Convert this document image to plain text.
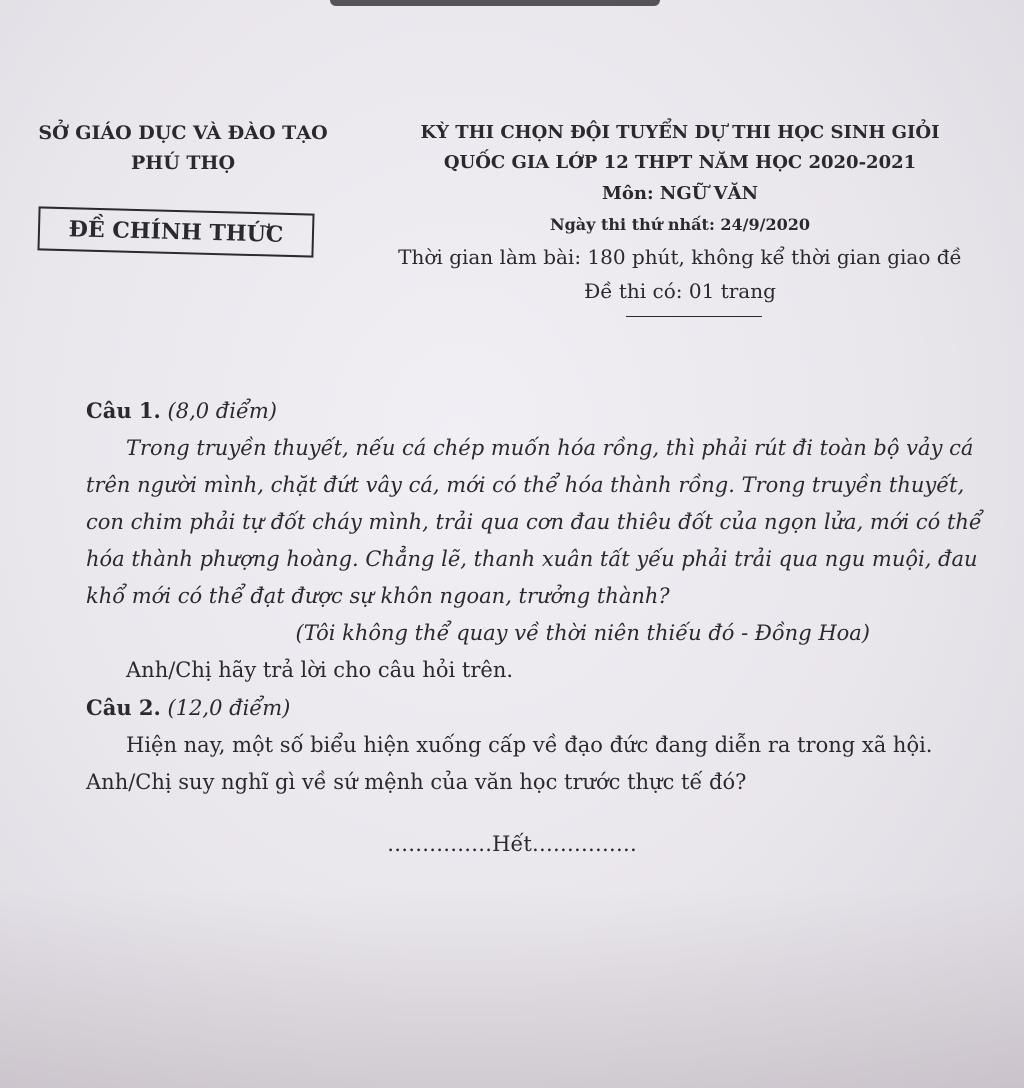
SỞ GIÁO DỤC VÀ ĐÀO TẠO
PHÚ THỌ
ĐỀ CHÍNH THỨC
KỲ THI CHỌN ĐỘI TUYỂN DỰ THI HỌC SINH GIỎI
QUỐC GIA LỚP 12 THPT NĂM HỌC 2020-2021
Môn: NGỮ VĂN
Ngày thi thứ nhất: 24/9/2020
Thời gian làm bài: 180 phút, không kể thời gian giao đề
Đề thi có: 01 trang
Câu 1. (8,0 điểm)
Trong truyền thuyết, nếu cá chép muốn hóa rồng, thì phải rút đi toàn bộ vảy cá trên người mình, chặt đứt vây cá, mới có thể hóa thành rồng. Trong truyền thuyết, con chim phải tự đốt cháy mình, trải qua cơn đau thiêu đốt của ngọn lửa, mới có thể hóa thành phượng hoàng. Chẳng lẽ, thanh xuân tất yếu phải trải qua ngu muội, đau khổ mới có thể đạt được sự khôn ngoan, trưởng thành?
(Tôi không thể quay về thời niên thiếu đó - Đồng Hoa)
Anh/Chị hãy trả lời cho câu hỏi trên.
Câu 2. (12,0 điểm)
Hiện nay, một số biểu hiện xuống cấp về đạo đức đang diễn ra trong xã hội. Anh/Chị suy nghĩ gì về sứ mệnh của văn học trước thực tế đó?
……………Hết……………
